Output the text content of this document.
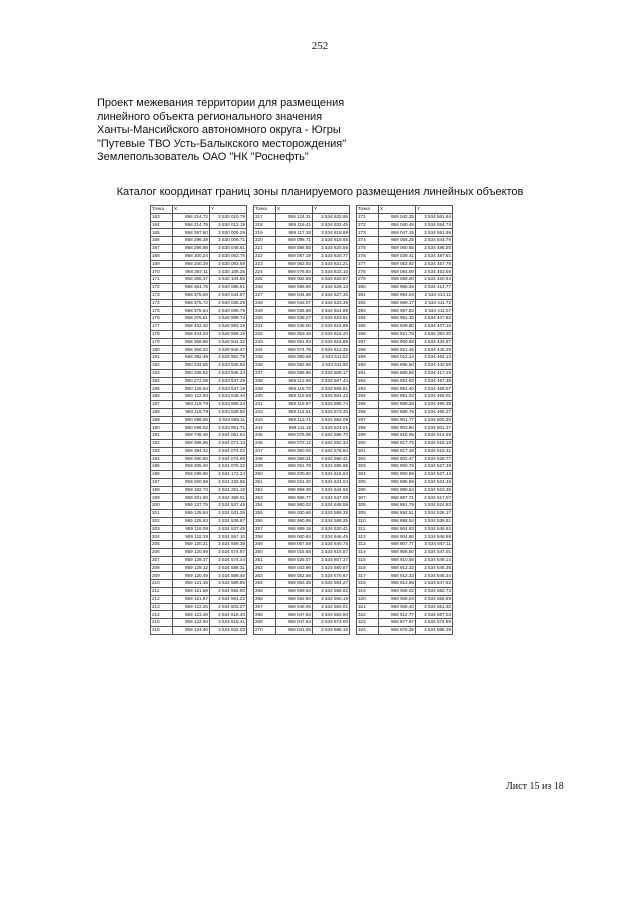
252
Проект межевания территории для размещения
линейного объекта регионального значения
Ханты-Мансийского автономного округа - Югры
"Путевые ТВО Усть-Балыкского месторождения"
Землепользователь ОАО "НК "Роснефть"
Каталог координат границ зоны планируемого размещения линейных объектов
Точка	X	Y
163	958 214.72	3 530 010.79
164	958 214.79	3 530 012.19
165	958 297.50	3 530 009.29
166	958 296.39	3 530 006.71
167	958 296.98	3 530 048.61
168	958 300.24	3 530 063.76
169	958 340.29	3 530 093.69
170	958 387.11	3 530 105.26
171	958 366.37	3 530 104.86
172	958 361.75	3 530 086.61
173	958 375.69	3 530 044.97
174	958 375.72	3 530 028.29
175	958 375.64	3 530 008.79
176	958 375.51	3 529 999.74
177	958 452.32	3 529 993.29
178	958 424.03	3 529 959.18
179	958 356.86	3 529 941.32
180	958 356.32	3 529 940.47
181	958 392.49	3 529 962.79
182	960 233.85	3 533 636.66
183	960 236.52	3 533 646.24
184	960 272.09	3 533 647.49
185	960 125.64	3 533 647.19
186	960 122.93	3 533 648.40
187	960 119.79	3 533 685.24
188	960 118.79	3 533 539.50
189	960 098.06	3 533 588.11
190	960 096.02	3 533 951.71
191	959 745.48	3 534 061.64
192	959 396.95	3 534 071.13
193	959 394.42	3 534 074.02
194	959 280.60	3 534 074.69
195	959 305.40	3 534 075.32
196	959 299.60	3 534 172.24
197	959 250.59	3 534 232.85
198	959 182.73	3 534 251.18
199	959 201.60	3 534 369.01
200	959 137.75	3 534 537.49
201	959 125.84	3 534 531.35
202	959 125.63	3 534 535.67
203	959 118.08	3 534 537.45
204	959 118.39	3 534 557.10
205	959 120.21	3 534 569.39
206	959 120.69	3 534 574.97
207	959 129.37	3 534 574.44
208	959 129.12	3 534 589.31
209	959 120.49	3 534 589.40
210	959 121.35	3 534 589.85
211	959 121.59	3 534 592.00
212	959 121.67	3 534 591.22
213	959 122.25	3 534 603.07
214	959 123.48	3 534 618.40
215	959 122.94	3 534 618.41
216	959 124.40	3 534 632.03
Точка	X	Y
217	959 124.31	3 534 632.96
218	959 116.41	3 534 632.45
219	959 117.38	3 534 618.88
220	959 098.71	3 534 618.55
221	959 086.55	3 534 620.56
222	959 087.19	3 534 620.77
223	959 083.93	3 534 621.21
224	959 076.92	3 534 622.10
225	959 062.59	3 534 625.67
226	959 065.50	3 534 626.13
227	959 044.68	3 534 627.36
228	959 042.07	3 534 633.39
229	959 036.58	3 534 624.89
230	959 039.27	3 534 623.91
231	959 049.00	3 534 616.99
232	959 053.48	3 534 616.20
233	959 061.93	3 534 615.89
234	959 074.78	3 534 612.35
235	959 080.58	3 534 611.52
236	959 082.58	3 534 611.60
237	959 096.96	3 534 609.17
238	959 112.60	3 534 607.44
239	959 118.70	3 534 606.91
240	959 116.58	3 534 604.43
241	959 115.97	3 534 586.74
242	959 114.51	3 534 573.40
243	959 113.71	3 534 562.09
244	959 111.18	3 534 524.01
245	959 075.08	3 534 586.70
246	959 072.12	3 534 552.34
247	959 060.03	3 534 578.84
248	959 059.31	3 534 580.41
249	959 061.78	3 534 595.95
250	959 030.60	3 534 615.63
251	959 021.40	3 534 624.04
252	958 968.38	3 534 644.68
253	958 966.77	3 534 647.09
254	958 990.03	3 534 648.59
255	959 000.66	3 534 589.38
256	958 990.99	3 534 588.25
257	958 989.19	3 534 630.41
258	959 060.84	3 534 646.45
259	959 067.59	3 534 640.78
260	959 015.58	3 534 615.57
261	959 026.07	3 534 607.37
262	959 043.96	3 524 590.87
263	959 052.68	3 534 570.67
264	959 063.38	3 534 564.27
265	959 069.53	3 534 555.62
266	959 062.50	3 534 560.19
267	959 049.05	3 534 563.01
268	959 047.64	3 534 563.90
269	959 047.64	3 534 574.00
270	959 041.55	3 534 586.16
Точка	X	Y
271	959 042.25	3 534 561.64
272	959 040.45	3 534 554.74
273	959 047.15	3 534 551.99
274	959 056.25	3 534 544.79
275	959 060.85	3 534 486.50
276	959 039.41	3 534 487.61
277	959 053.92	3 534 457.79
278	959 054.00	3 534 453.59
279	959 069.50	3 534 420.64
280	958 965.39	3 534 414.77
281	958 994.04	3 534 414.11
282	958 959.17	3 534 411.72
283	958 957.83	3 534 411.07
284	958 951.15	3 534 407.82
285	958 949.80	3 534 407.16
286	958 921.78	3 534 393.20
287	958 900.88	3 534 434.67
288	958 921.46	3 534 445.29
289	959 012.14	3 534 464.13
290	958 896.50	3 534 443.86
291	958 889.86	3 534 417.19
292	958 891.83	3 534 457.38
293	958 891.40	3 534 459.07
294	958 891.03	3 534 459.01
295	958 888.28	3 534 489.38
296	958 889.76	3 534 466.27
297	958 901.77	3 534 500.30
298	958 903.80	3 534 501.37
299	958 916.05	3 534 514.59
300	958 917.75	3 534 515.18
301	958 917.38	3 534 518.41
302	958 902.47	3 534 529.77
303	958 900.76	3 534 527.39
304	958 900.59	3 534 527.44
305	958 895.59	3 534 524.46
306	958 890.54	3 534 523.35
307	958 887.71	3 534 517.07
308	958 891.79	3 534 524.83
309	958 892.51	3 534 526.17
310	958 898.54	3 534 539.51
311	958 904.83	3 534 546.62
312	958 904.86	3 534 546.98
313	958 907.77	3 534 547.11
314	958 906.50	3 534 547.01
315	958 910.59	3 534 549.14
316	958 912.33	3 534 545.36
317	958 912.33	3 534 548.34
318	958 913.65	3 534 547.62
319	959 006.02	3 534 550.73
320	959 006.04	3 534 556.89
321	959 006.40	3 534 551.30
322	958 912.77	3 534 587.03
323	958 877.97	3 534 574.89
324	958 875.25	3 534 588.29
Лист 15 из 18
